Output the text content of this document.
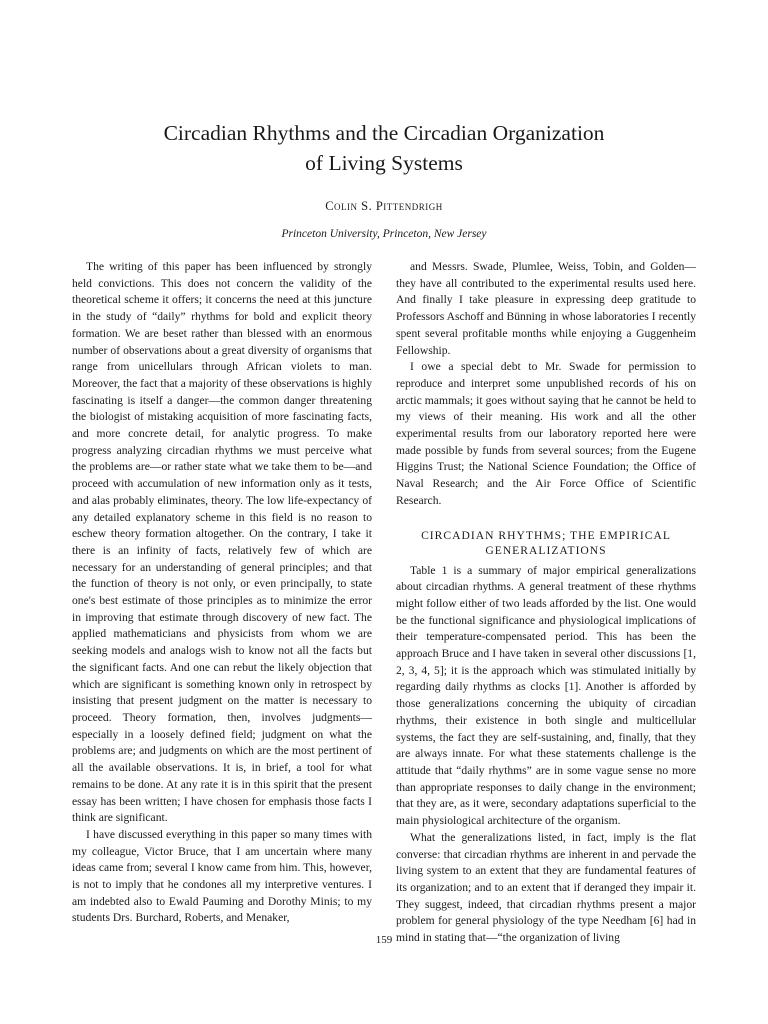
Circadian Rhythms and the Circadian Organization
of Living Systems
Colin S. Pittendrigh
Princeton University, Princeton, New Jersey

The writing of this paper has been influenced by strongly held convictions. This does not concern the validity of the theoretical scheme it offers; it concerns the need at this juncture in the study of “daily” rhythms for bold and explicit theory formation. We are beset rather than blessed with an enormous number of observations about a great diversity of organisms that range from unicellulars through African violets to man. Moreover, the fact that a majority of these observations is highly fascinating is itself a danger—the common danger threatening the biologist of mistaking acquisition of more fascinating facts, and more concrete detail, for analytic progress. To make progress analyzing circadian rhythms we must perceive what the problems are—or rather state what we take them to be—and proceed with accumulation of new information only as it tests, and alas probably eliminates, theory. The low life-expectancy of any detailed explanatory scheme in this field is no reason to eschew theory formation altogether. On the contrary, I take it there is an infinity of facts, relatively few of which are necessary for an understanding of general principles; and that the function of theory is not only, or even principally, to state one's best estimate of those principles as to minimize the error in improving that estimate through discovery of new fact. The applied mathematicians and physicists from whom we are seeking models and analogs wish to know not all the facts but the significant facts. And one can rebut the likely objection that which are significant is something known only in retrospect by insisting that present judgment on the matter is necessary to proceed. Theory formation, then, involves judgments—especially in a loosely defined field; judgment on what the problems are; and judgments on which are the most pertinent of all the available observations. It is, in brief, a tool for what remains to be done. At any rate it is in this spirit that the present essay has been written; I have chosen for emphasis those facts I think are significant.

I have discussed everything in this paper so many times with my colleague, Victor Bruce, that I am uncertain where many ideas came from; several I know came from him. This, however, is not to imply that he condones all my interpretive ventures. I am indebted also to Ewald Pauming and Dorothy Minis; to my students Drs. Burchard, Roberts, and Menaker,

and Messrs. Swade, Plumlee, Weiss, Tobin, and Golden—they have all contributed to the experimental results used here. And finally I take pleasure in expressing deep gratitude to Professors Aschoff and Bünning in whose laboratories I recently spent several profitable months while enjoying a Guggenheim Fellowship.

I owe a special debt to Mr. Swade for permission to reproduce and interpret some unpublished records of his on arctic mammals; it goes without saying that he cannot be held to my views of their meaning. His work and all the other experimental results from our laboratory reported here were made possible by funds from several sources; from the Eugene Higgins Trust; the National Science Foundation; the Office of Naval Research; and the Air Force Office of Scientific Research.

CIRCADIAN RHYTHMS; THE EMPIRICAL
GENERALIZATIONS

Table 1 is a summary of major empirical generalizations about circadian rhythms. A general treatment of these rhythms might follow either of two leads afforded by the list. One would be the functional significance and physiological implications of their temperature-compensated period. This has been the approach Bruce and I have taken in several other discussions [1, 2, 3, 4, 5]; it is the approach which was stimulated initially by regarding daily rhythms as clocks [1]. Another is afforded by those generalizations concerning the ubiquity of circadian rhythms, their existence in both single and multicellular systems, the fact they are self-sustaining, and, finally, that they are always innate. For what these statements challenge is the attitude that “daily rhythms” are in some vague sense no more than appropriate responses to daily change in the environment; that they are, as it were, secondary adaptations superficial to the main physiological architecture of the organism.

What the generalizations listed, in fact, imply is the flat converse: that circadian rhythms are inherent in and pervade the living system to an extent that they are fundamental features of its organization; and to an extent that if deranged they impair it. They suggest, indeed, that circadian rhythms present a major problem for general physiology of the type Needham [6] had in mind in stating that—“the organization of living

159
